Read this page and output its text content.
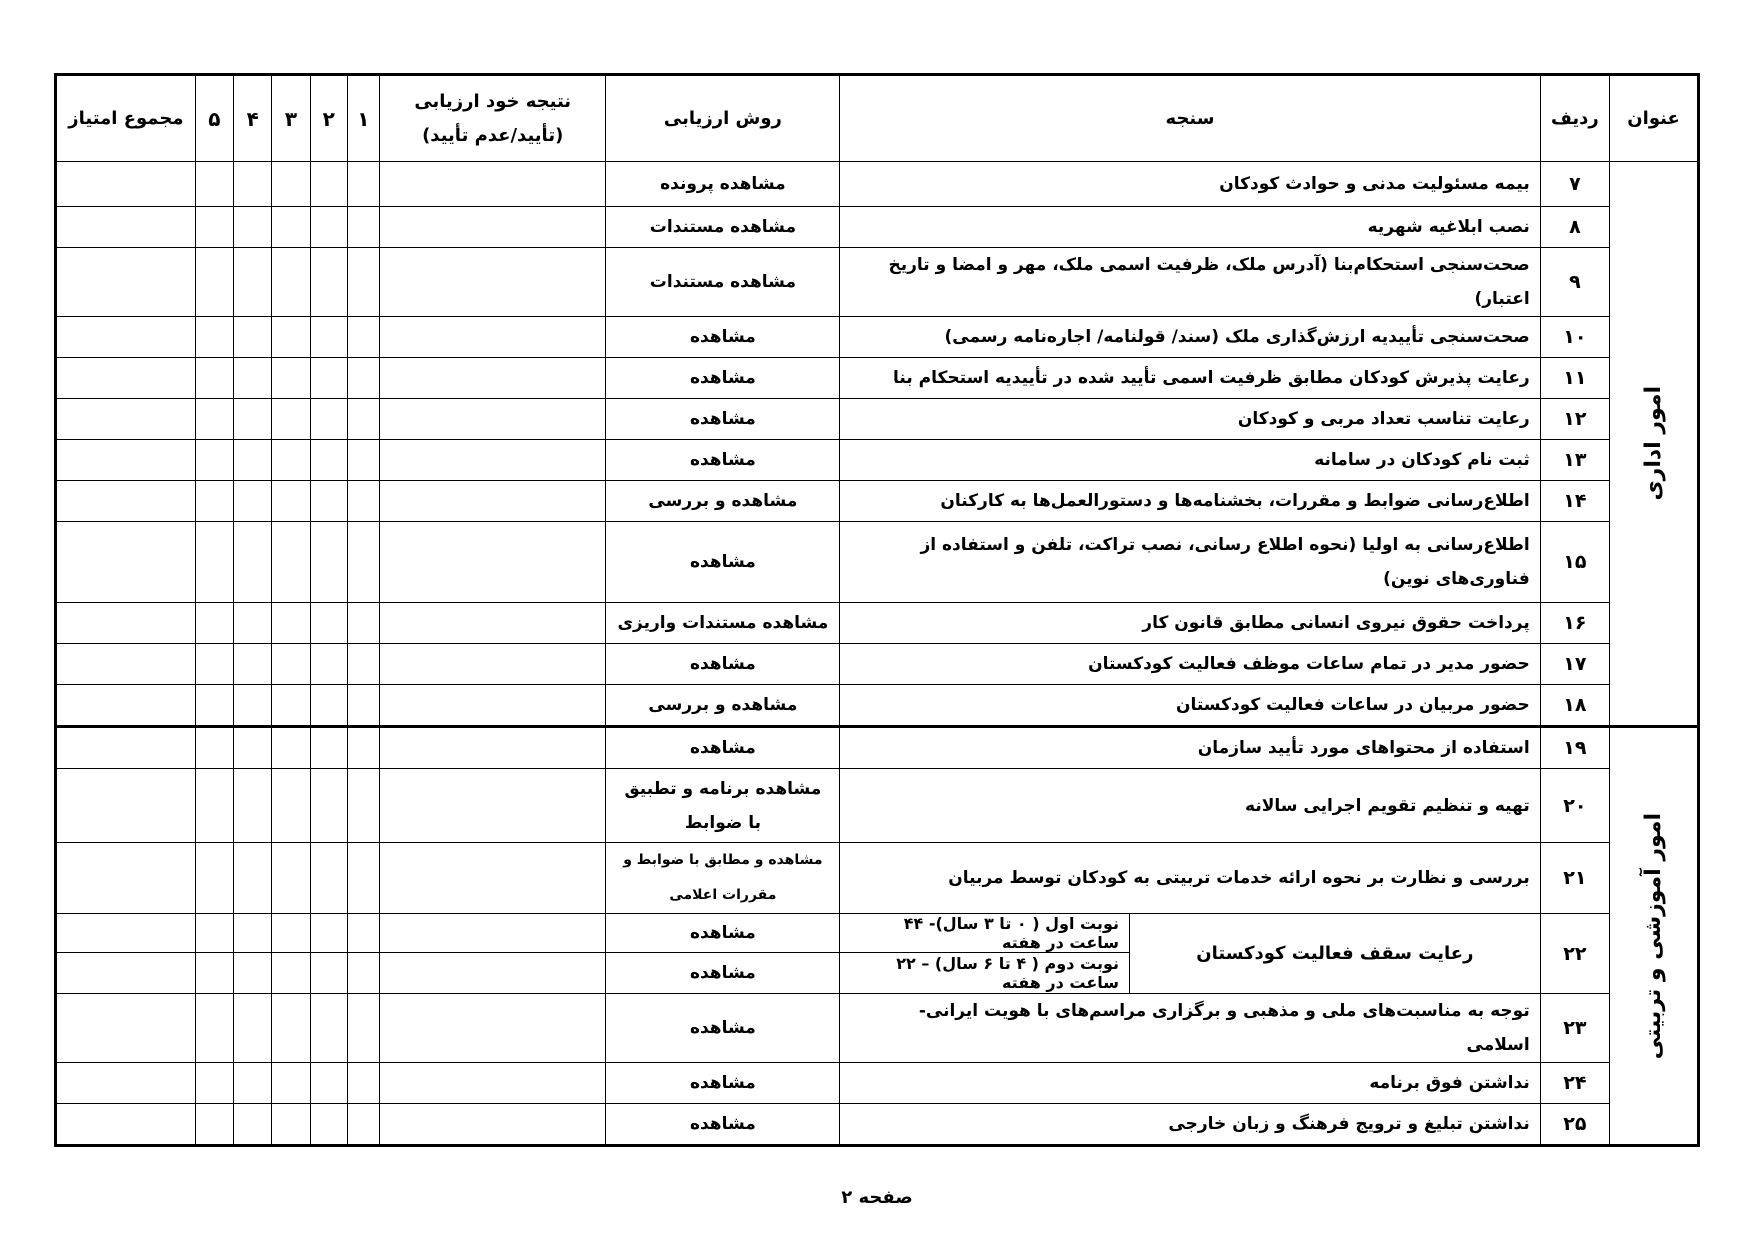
عنوان	ردیف	سنجه		روش ارزیابی	نتیجه خود ارزیابی
(تأیید/عدم تأیید)	۱	۲	۳	۴	۵	مجموع امتیاز

امور اداری	۷	بیمه مسئولیت مدنی و حوادث کودکان		مشاهده پرونده							
	۸	نصب ابلاغیه شهریه		مشاهده مستندات							
	۹	صحت‌سنجی استحکام‌بنا (آدرس ملک، ظرفیت اسمی ملک، مهر و امضا و تاریخ اعتبار)		مشاهده مستندات							
	۱۰	صحت‌سنجی تأییدیه ارزش‌گذاری ملک (سند/ قولنامه/ اجاره‌نامه رسمی)		مشاهده							
	۱۱	رعایت پذیرش کودکان مطابق ظرفیت اسمی تأیید شده در تأییدیه استحکام بنا		مشاهده							
	۱۲	رعایت تناسب تعداد مربی و کودکان		مشاهده							
	۱۳	ثبت نام کودکان در سامانه		مشاهده							
	۱۴	اطلاع‌رسانی ضوابط و مقررات، بخشنامه‌ها و دستورالعمل‌ها به کارکنان		مشاهده و بررسی							
	۱۵	اطلاع‌رسانی به اولیا (نحوه اطلاع رسانی، نصب تراکت، تلفن و استفاده از فناوری‌های نوین)		مشاهده							
	۱۶	پرداخت حقوق نیروی انسانی مطابق قانون کار		مشاهده مستندات واریزی							
	۱۷	حضور مدیر در تمام ساعات موظف فعالیت کودکستان		مشاهده							
	۱۸	حضور مربیان در ساعات فعالیت کودکستان		مشاهده و بررسی							

امور آموزشی و تربیتی	۱۹	استفاده از محتواهای مورد تأیید سازمان		مشاهده							
	۲۰	تهیه و تنظیم تقویم اجرایی سالانه		مشاهده برنامه و تطبیق با ضوابط							
	۲۱	بررسی و نظارت بر نحوه ارائه خدمات تربیتی به کودکان توسط مربیان		مشاهده و مطابق با ضوابط و مقررات اعلامی							
	۲۲	رعایت سقف فعالیت کودکستان	نوبت اول ( ۰ تا ۳ سال)- ۴۴ ساعت در هفته	مشاهده							
			نوبت دوم ( ۴ تا ۶ سال) – ۲۲ ساعت در هفته	مشاهده							
	۲۳	توجه به مناسبت‌های ملی و مذهبی و برگزاری مراسم‌های با هویت ایرانی- اسلامی		مشاهده							
	۲۴	نداشتن فوق برنامه		مشاهده							
	۲۵	نداشتن تبلیغ و ترویج فرهنگ و زبان خارجی		مشاهده							
صفحه ۲
